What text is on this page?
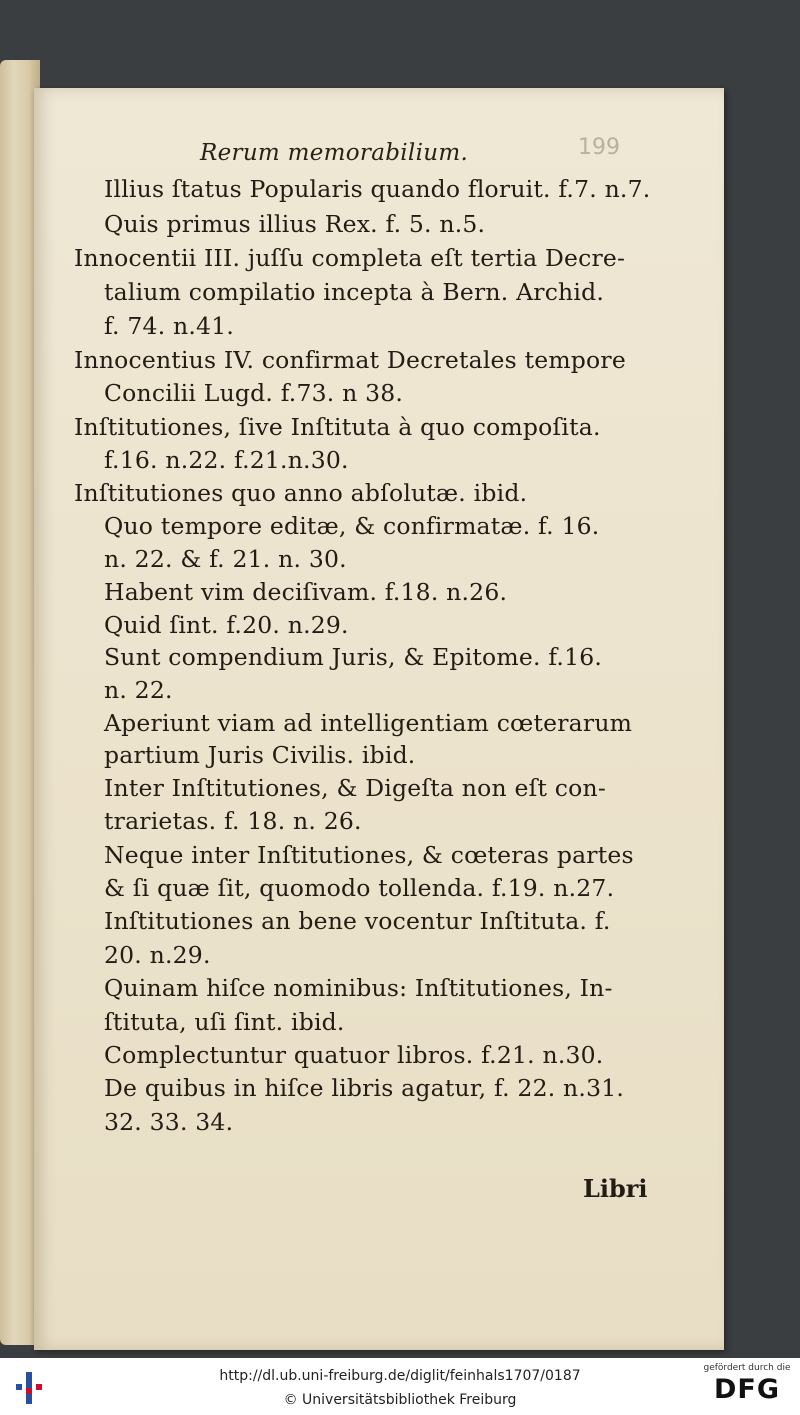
199
Rerum memorabilium.
Illius ſtatus Popularis quando floruit. f.7. n.7.
Quis primus illius Rex. f. 5. n.5.
Innocentii III. juſſu completa eſt tertia Decre-
talium compilatio incepta à Bern. Archid.
f. 74. n.41.
Innocentius IV. confirmat Decretales tempore
Concilii Lugd. f.73. n 38.
Inſtitutiones, ſive Inſtituta à quo compoſita.
f.16. n.22. f.21.n.30.
Inſtitutiones quo anno abſolutæ. ibid.
Quo tempore editæ, & confirmatæ. f. 16.
n. 22. & f. 21. n. 30.
Habent vim deciſivam. f.18. n.26.
Quid ſint. f.20. n.29.
Sunt compendium Juris, & Epitome. f.16.
n. 22.
Aperiunt viam ad intelligentiam cœterarum
partium Juris Civilis. ibid.
Inter Inſtitutiones, & Digeſta non eſt con-
trarietas. f. 18. n. 26.
Neque inter Inſtitutiones, & cœteras partes
& ſi quæ ſit, quomodo tollenda. f.19. n.27.
Inſtitutiones an bene vocentur Inſtituta. f.
20. n.29.
Quinam hiſce nominibus: Inſtitutiones, In-
ſtituta, uſi ſint. ibid.
Complectuntur quatuor libros. f.21. n.30.
De quibus in hiſce libris agatur, f. 22. n.31.
32. 33. 34.
Libri
http://dl.ub.uni-freiburg.de/diglit/feinhals1707/0187
© Universitätsbibliothek Freiburg
gefördert durch die
DFG
